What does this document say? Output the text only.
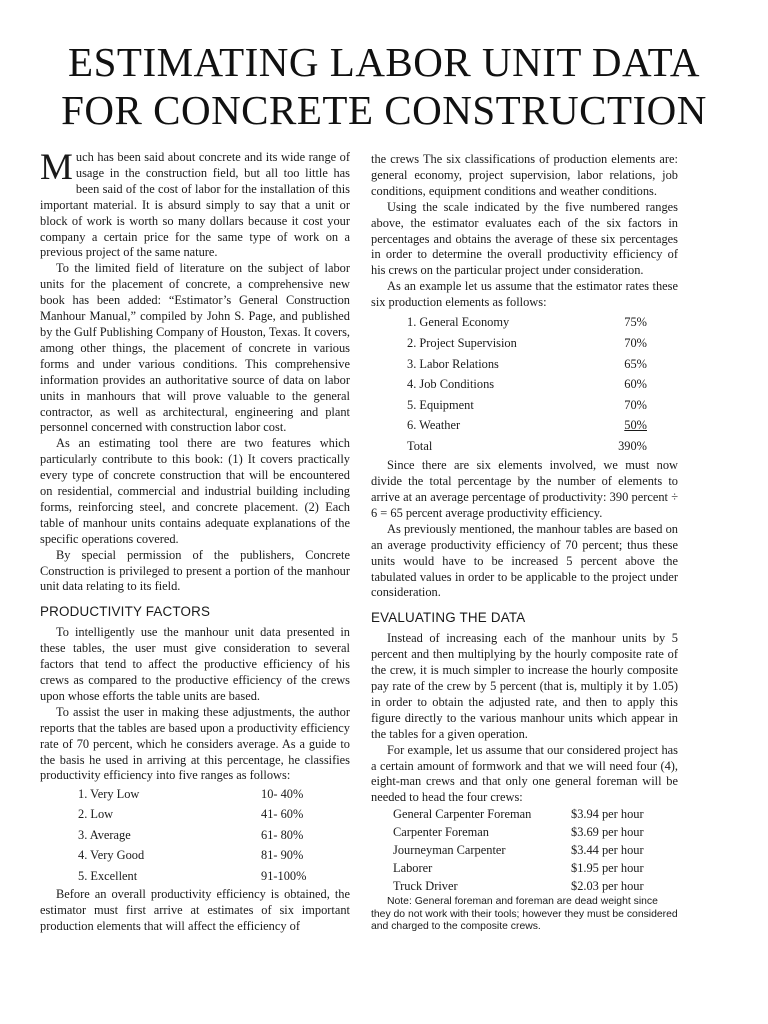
ESTIMATING LABOR UNIT DATA
FOR CONCRETE CONSTRUCTION

Much has been said about concrete and its wide range of usage in the construction field, but all too little has been said of the cost of labor for the installation of this important material. It is absurd simply to say that a unit or block of work is worth so many dollars because it cost your company a certain price for the same type of work on a previous project of the same nature.

To the limited field of literature on the subject of labor units for the placement of concrete, a comprehensive new book has been added: “Estimator’s General Construction Manhour Manual,” compiled by John S. Page, and published by the Gulf Publishing Company of Houston, Texas. It covers, among other things, the placement of concrete in various forms and under various conditions. This comprehensive information provides an authoritative source of data on labor units in manhours that will prove valuable to the general contractor, as well as architectural, engineering and plant personnel concerned with construction labor cost.

As an estimating tool there are two features which particularly contribute to this book: (1) It covers practically every type of concrete construction that will be encountered on residential, commercial and industrial building including forms, reinforcing steel, and concrete placement. (2) Each table of manhour units contains adequate explanations of the specific operations covered.

By special permission of the publishers, Concrete Construction is privileged to present a portion of the manhour unit data relating to its field.

PRODUCTIVITY FACTORS

To intelligently use the manhour unit data presented in these tables, the user must give consideration to several factors that tend to affect the productive efficiency of his crews as compared to the productive efficiency of the crews upon whose efforts the table units are based.

To assist the user in making these adjustments, the author reports that the tables are based upon a productivity efficiency rate of 70 percent, which he considers average. As a guide to the basis he used in arriving at this percentage, he classifies productivity efficiency into five ranges as follows:

1. Very Low	10- 40%
2. Low	41- 60%
3. Average	61- 80%
4. Very Good	81- 90%
5. Excellent	91-100%

Before an overall productivity efficiency is obtained, the estimator must first arrive at estimates of six important production elements that will affect the efficiency of

the crews The six classifications of production elements are: general economy, project supervision, labor relations, job conditions, equipment conditions and weather conditions.

Using the scale indicated by the five numbered ranges above, the estimator evaluates each of the six factors in percentages and obtains the average of these six percentages in order to determine the overall productivity efficiency of his crews on the particular project under consideration.

As an example let us assume that the estimator rates these six production elements as follows:

1. General Economy	75%
2. Project Supervision	70%
3. Labor Relations	65%
4. Job Conditions	60%
5. Equipment	70%
6. Weather	50%
Total	390%

Since there are six elements involved, we must now divide the total percentage by the number of elements to arrive at an average percentage of productivity: 390 percent ÷ 6 = 65 percent average productivity efficiency.

As previously mentioned, the manhour tables are based on an average productivity efficiency of 70 percent; thus these units would have to be increased 5 percent above the tabulated values in order to be applicable to the project under consideration.

EVALUATING THE DATA

Instead of increasing each of the manhour units by 5 percent and then multiplying by the hourly composite rate of the crew, it is much simpler to increase the hourly composite pay rate of the crew by 5 percent (that is, multiply it by 1.05) in order to obtain the adjusted rate, and then to apply this figure directly to the various manhour units which appear in the tables for a given operation.

For example, let us assume that our considered project has a certain amount of formwork and that we will need four (4), eight-man crews and that only one general foreman will be needed to head the four crews:

General Carpenter Foreman	$3.94 per hour
Carpenter Foreman	$3.69 per hour
Journeyman Carpenter	$3.44 per hour
Laborer	$1.95 per hour
Truck Driver	$2.03 per hour

Note: General foreman and foreman are dead weight since they do not work with their tools; however they must be considered and charged to the composite crews.
